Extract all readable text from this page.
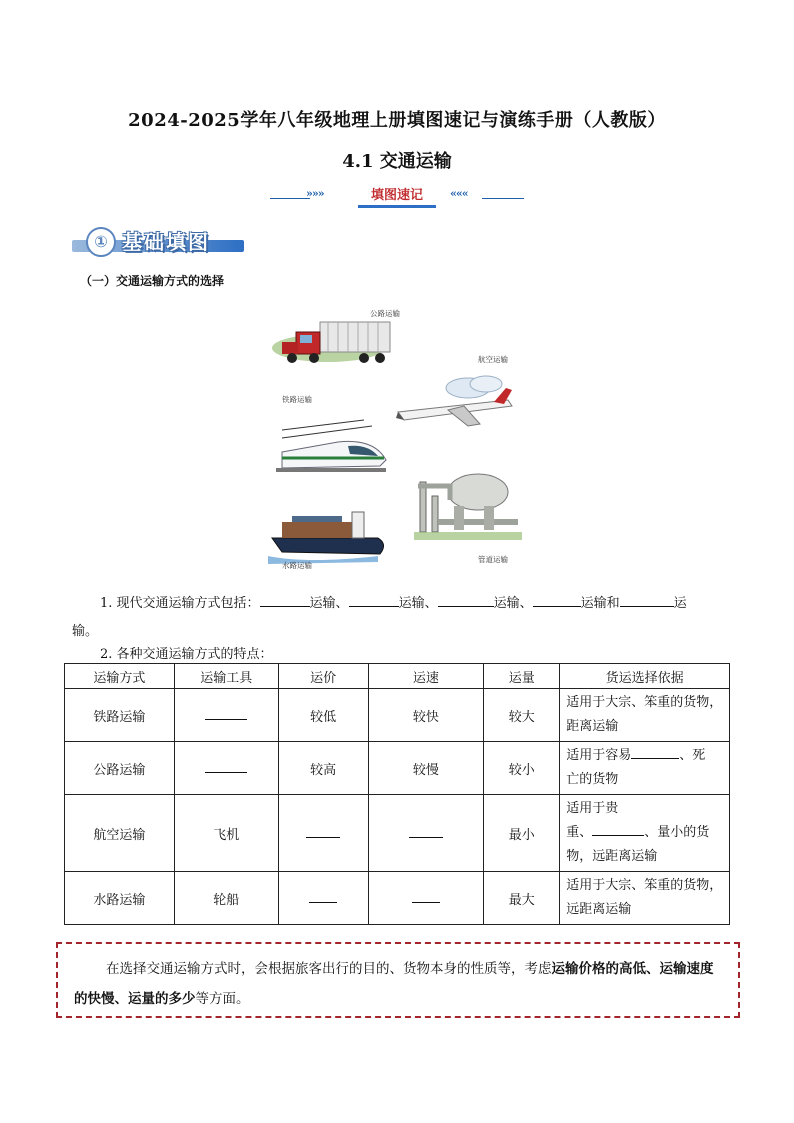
2024-2025学年八年级地理上册填图速记与演练手册（人教版）
4.1 交通运输
»»»	填图速记	«««
① 基础填图
（一）交通运输方式的选择
公路运输
航空运输
铁路运输
水路运输
管道运输
1. 现代交通运输方式包括：	运输、	运输、	运输、	运输和	运
输。
2. 各种交通运输方式的特点：
运输方式	运输工具	运价	运速	运量	货运选择依据
铁路运输		较低	较快	较大	适用于大宗、笨重的货物，
距离运输
公路运输		较高	较慢	较小	适用于容易 、死
亡的货物
航空运输	飞机			最小	适用于贵
重、 、量小的货
物，远距离运输
水路运输	轮船			最大	适用于大宗、笨重的货物，
远距离运输

在选择交通运输方式时，会根据旅客出行的目的、货物本身的性质等，考虑运输价格的高低、运输速度的快慢、运量的多少等方面。
